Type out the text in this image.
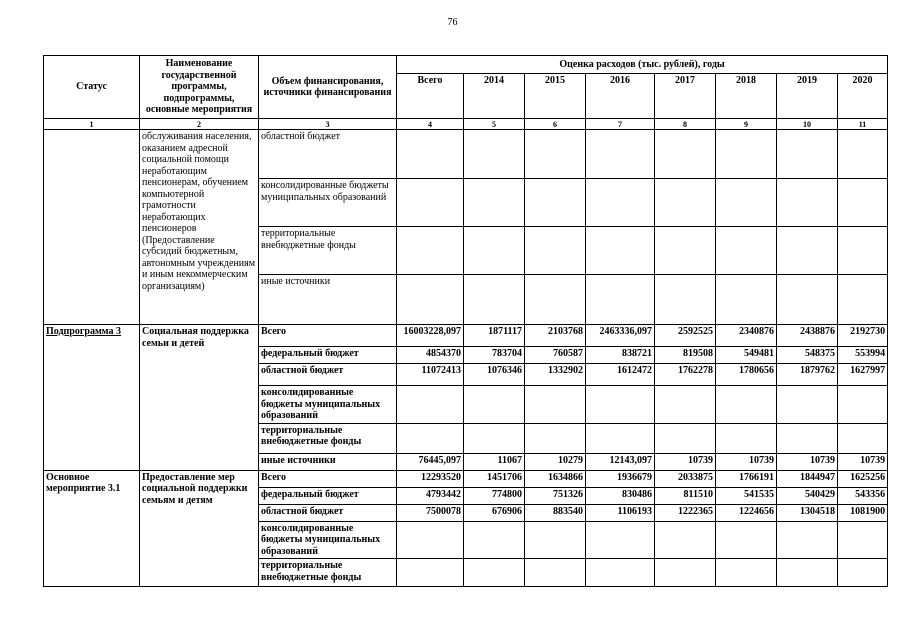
76
Статус	Наименование государственной программы, подпрограммы, основные мероприятия	Объем финансирования, источники финансирования	Оценка расходов (тыс. рублей), годы							
			Всего	2014	2015	2016	2017	2018	2019	2020
1	2	3	4	5	6	7	8	9	10	11
	обслуживания населения, оказанием адресной социальной помощи неработающим пенсионерам, обучением компьютерной грамотности неработающих пенсионеров (Предоставление субсидий бюджетным, автономным учреждениям и иным некоммерческим организациям)	областной бюджет								
		консолидированные бюджеты муниципальных образований								
		территориальные внебюджетные фонды								
		иные источники								
Подпрограмма 3	Социальная поддержка семьи и детей	Всего	16003228,097	1871117	2103768	2463336,097	2592525	2340876	2438876	2192730
		федеральный бюджет	4854370	783704	760587	838721	819508	549481	548375	553994
		областной бюджет	11072413	1076346	1332902	1612472	1762278	1780656	1879762	1627997
		консолидированные бюджеты муниципальных образований								
		территориальные внебюджетные фонды								
		иные источники	76445,097	11067	10279	12143,097	10739	10739	10739	10739
Основное мероприятие 3.1	Предоставление мер социальной поддержки семьям и детям	Всего	12293520	1451706	1634866	1936679	2033875	1766191	1844947	1625256
		федеральный бюджет	4793442	774800	751326	830486	811510	541535	540429	543356
		областной бюджет	7500078	676906	883540	1106193	1222365	1224656	1304518	1081900
		консолидированные бюджеты муниципальных образований								
		территориальные внебюджетные фонды								
